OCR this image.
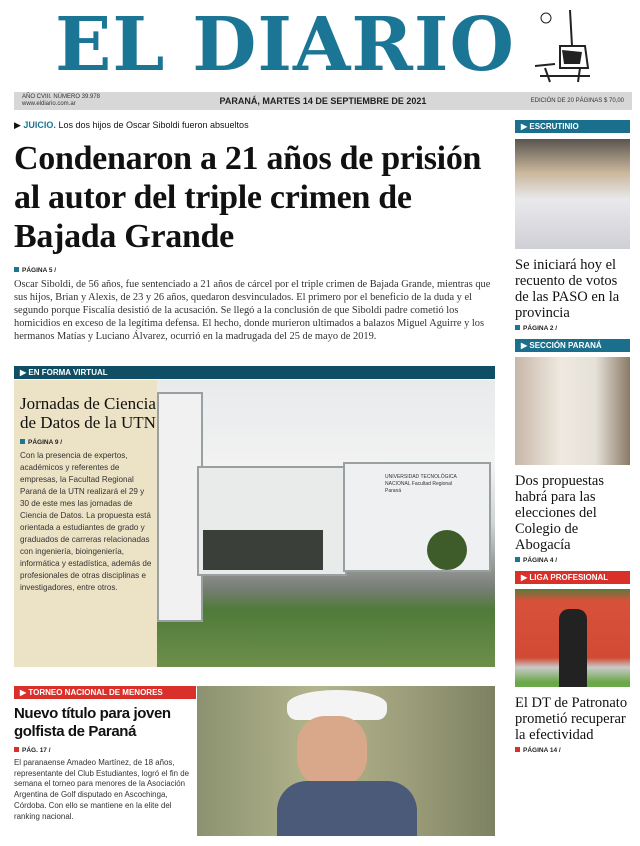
EL DIARIO
AÑO CVIII. NÚMERO 39.978
www.eldiario.com.ar	PARANÁ, MARTES 14 DE SEPTIEMBRE DE 2021	EDICIÓN DE 20 PÁGINAS $ 70,00
▶ JUICIO. Los dos hijos de Oscar Siboldi fueron absueltos
Condenaron a 21 años de prisión al autor del triple crimen de Bajada Grande
PÁGINA 5 /

Oscar Siboldi, de 56 años, fue sentenciado a 21 años de cárcel por el triple crimen de Bajada Grande, mientras que sus hijos, Brian y Alexis, de 23 y 26 años, quedaron desvinculados. El primero por el beneficio de la duda y el segundo porque Fiscalía desistió de la acusación. Se llegó a la conclusión de que Siboldi padre cometió los homicidios en exceso de la legítima defensa. El hecho, donde murieron ultimados a balazos Miguel Aguirre y los hermanos Matías y Luciano Álvarez, ocurrió en la madrugada del 25 de mayo de 2019.

▶ EN FORMA VIRTUAL
Jornadas de Ciencia de Datos de la UTN
PÁGINA 9 /

Con la presencia de expertos, académicos y referentes de empresas, la Facultad Regional Paraná de la UTN realizará el 29 y 30 de este mes las jornadas de Ciencia de Datos. La propuesta está orientada a estudiantes de grado y graduados de carreras relacionadas con ingeniería, bioingeniería, informática y estadística, además de profesionales de otras disciplinas e investigadores, entre otros.

UNIVERSIDAD TECNOLÓGICA NACIONAL Facultad Regional Paraná
▶ TORNEO NACIONAL DE MENORES
Nuevo título para joven golfista de Paraná
PÁG. 17 /

El paranaense Amadeo Martínez, de 18 años, representante del Club Estudiantes, logró el fin de semana el torneo para menores de la Asociación Argentina de Golf disputado en Ascochinga, Córdoba. Con ello se mantiene en la elite del ranking nacional.

▶ ESCRUTINIO
Se iniciará hoy el recuento de votos de las PASO en la provincia
PÁGINA 2 /
▶ SECCIÓN PARANÁ
Dos propuestas habrá para las elecciones del Colegio de Abogacía
PÁGINA 4 /
▶ LIGA PROFESIONAL
El DT de Patronato prometió recuperar la efectividad
PÁGINA 14 /
